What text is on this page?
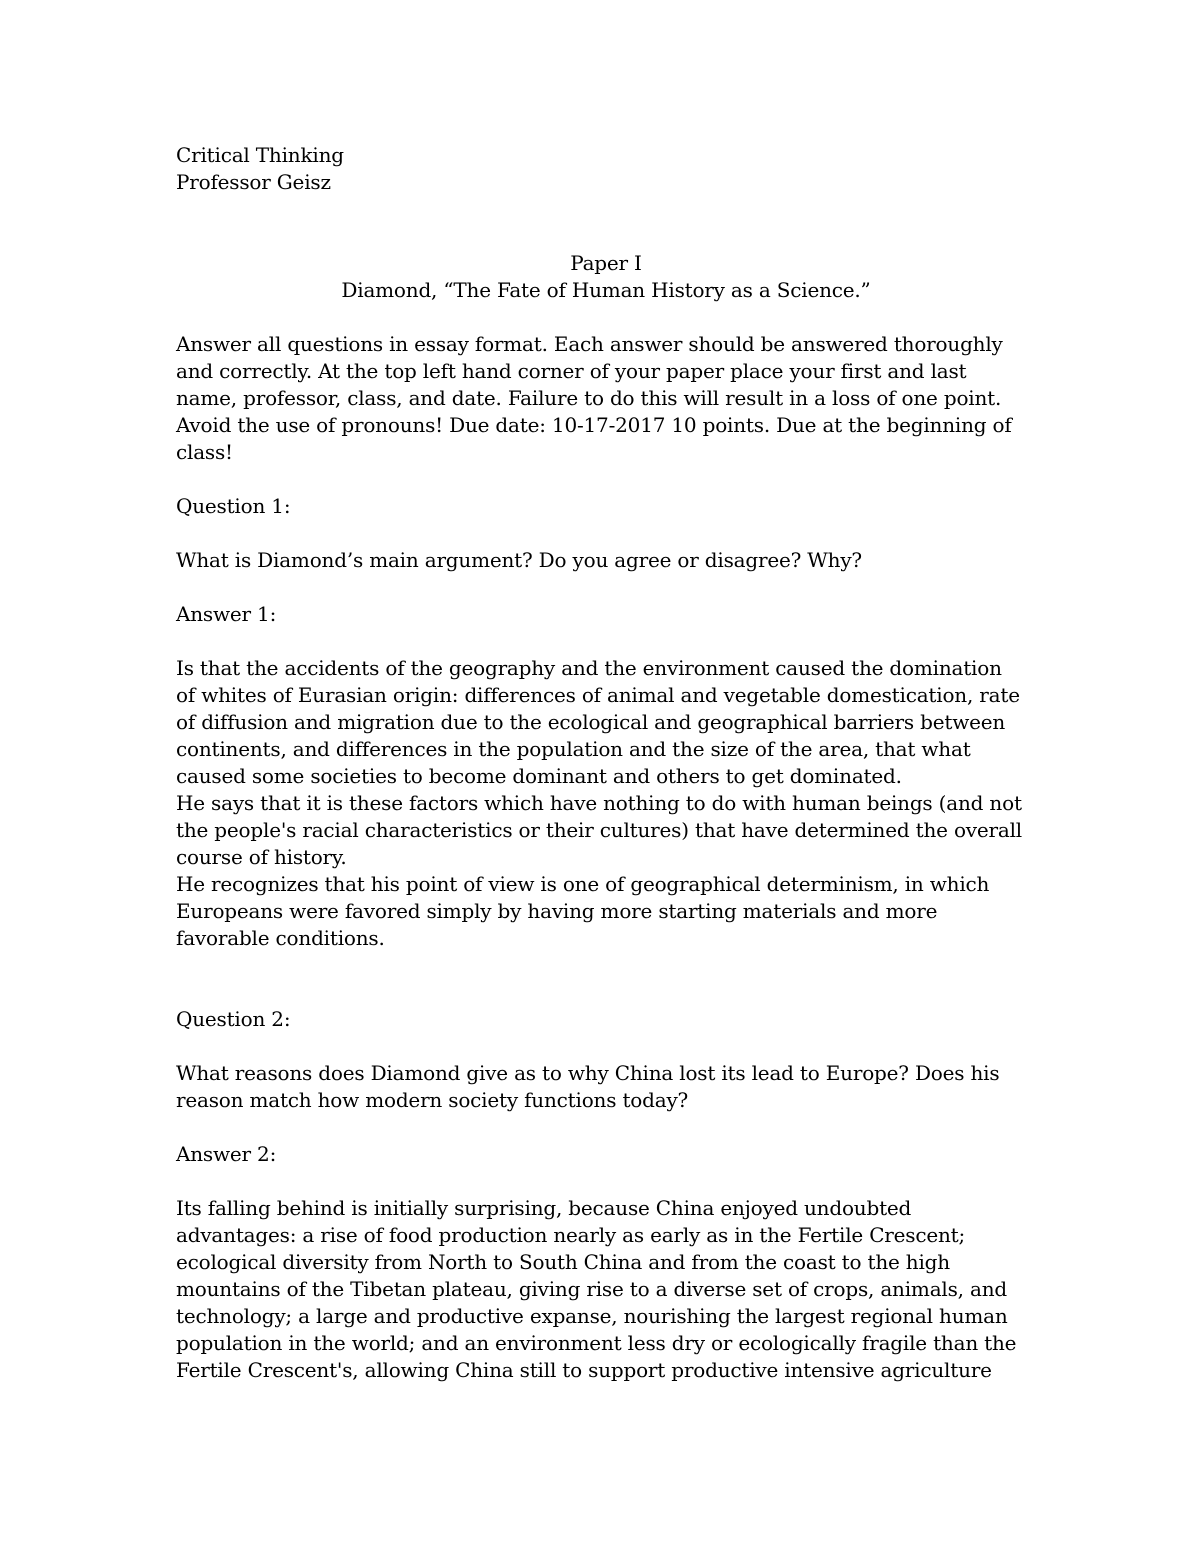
Critical Thinking
Professor Geisz
Paper I
Diamond, “The Fate of Human History as a Science.”
Answer all questions in essay format. Each answer should be answered thoroughly
and correctly. At the top left hand corner of your paper place your first and last
name, professor, class, and date. Failure to do this will result in a loss of one point.
Avoid the use of pronouns! Due date: 10-17-2017 10 points. Due at the beginning of
class!
Question 1:
What is Diamond’s main argument? Do you agree or disagree? Why?
Answer 1:
Is that the accidents of the geography and the environment caused the domination
of whites of Eurasian origin: differences of animal and vegetable domestication, rate
of diffusion and migration due to the ecological and geographical barriers between
continents, and differences in the population and the size of the area, that what
caused some societies to become dominant and others to get dominated.
He says that it is these factors which have nothing to do with human beings (and not
the people's racial characteristics or their cultures) that have determined the overall
course of history.
He recognizes that his point of view is one of geographical determinism, in which
Europeans were favored simply by having more starting materials and more
favorable conditions.
Question 2:
What reasons does Diamond give as to why China lost its lead to Europe? Does his
reason match how modern society functions today?
Answer 2:
Its falling behind is initially surprising, because China enjoyed undoubted
advantages: a rise of food production nearly as early as in the Fertile Crescent;
ecological diversity from North to South China and from the coast to the high
mountains of the Tibetan plateau, giving rise to a diverse set of crops, animals, and
technology; a large and productive expanse, nourishing the largest regional human
population in the world; and an environment less dry or ecologically fragile than the
Fertile Crescent's, allowing China still to support productive intensive agriculture
